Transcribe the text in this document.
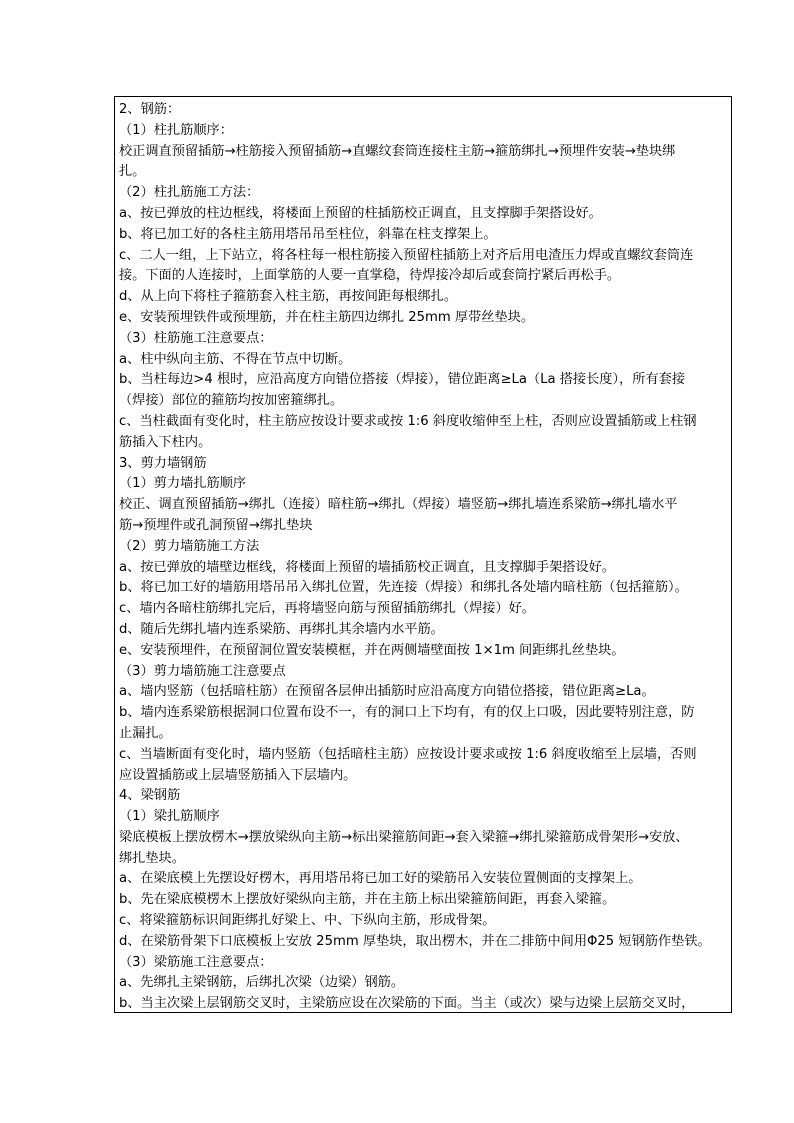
2、钢筋：
（1）柱扎筋顺序：
校正调直预留插筋→柱筋接入预留插筋→直螺纹套筒连接柱主筋→箍筋绑扎→预埋件安装→垫块绑
扎。
（2）柱扎筋施工方法：
a、按已弹放的柱边框线，将楼面上预留的柱插筋校正调直，且支撑脚手架搭设好。
b、将已加工好的各柱主筋用塔吊吊至柱位，斜靠在柱支撑架上。
c、二人一组，上下站立，将各柱每一根柱筋接入预留柱插筋上对齐后用电渣压力焊或直螺纹套筒连
接。下面的人连接时，上面掌筋的人要一直掌稳，待焊接冷却后或套筒拧紧后再松手。
d、从上向下将柱子箍筋套入柱主筋，再按间距每根绑扎。
e、安装预埋铁件或预埋筋，并在柱主筋四边绑扎 25mm 厚带丝垫块。
（3）柱筋施工注意要点：
a、柱中纵向主筋、不得在节点中切断。
b、当柱每边>4 根时，应沿高度方向错位搭接（焊接），错位距离≥La（La 搭接长度），所有套接
（焊接）部位的箍筋均按加密箍绑扎。
c、当柱截面有变化时，柱主筋应按设计要求或按 1:6 斜度收缩伸至上柱，否则应设置插筋或上柱钢
筋插入下柱内。
3、剪力墙钢筋
（1）剪力墙扎筋顺序
校正、调直预留插筋→绑扎（连接）暗柱筋→绑扎（焊接）墙竖筋→绑扎墙连系梁筋→绑扎墙水平
筋→预埋件或孔洞预留→绑扎垫块
（2）剪力墙筋施工方法
a、按已弹放的墙壁边框线，将楼面上预留的墙插筋校正调直，且支撑脚手架搭设好。
b、将已加工好的墙筋用塔吊吊入绑扎位置，先连接（焊接）和绑扎各处墙内暗柱筋（包括箍筋）。
c、墙内各暗柱筋绑扎完后，再将墙竖向筋与预留插筋绑扎（焊接）好。
d、随后先绑扎墙内连系梁筋、再绑扎其余墙内水平筋。
e、安装预埋件，在预留洞位置安装模框，并在两侧墙壁面按 1×1m 间距绑扎丝垫块。
（3）剪力墙筋施工注意要点
a、墙内竖筋（包括暗柱筋）在预留各层伸出插筋时应沿高度方向错位搭接，错位距离≥La。
b、墙内连系梁筋根据洞口位置布设不一，有的洞口上下均有，有的仅上口吸，因此要特别注意，防
止漏扎。
c、当墙断面有变化时，墙内竖筋（包括暗柱主筋）应按设计要求或按 1:6 斜度收缩至上层墙，否则
应设置插筋或上层墙竖筋插入下层墙内。
4、梁钢筋
（1）梁扎筋顺序
梁底模板上摆放楞木→摆放梁纵向主筋→标出梁箍筋间距→套入梁箍→绑扎梁箍筋成骨架形→安放、
绑扎垫块。
a、在梁底模上先摆设好楞木，再用塔吊将已加工好的梁筋吊入安装位置侧面的支撑架上。
b、先在梁底模楞木上摆放好梁纵向主筋，并在主筋上标出梁箍筋间距，再套入梁箍。
c、将梁箍筋标识间距绑扎好梁上、中、下纵向主筋，形成骨架。
d、在梁筋骨架下口底模板上安放 25mm 厚垫块，取出楞木，并在二排筋中间用Φ25 短钢筋作垫铁。
（3）梁筋施工注意要点：
a、先绑扎主梁钢筋，后绑扎次梁（边梁）钢筋。
b、当主次梁上层钢筋交叉时，主梁筋应设在次梁筋的下面。当主（或次）梁与边梁上层筋交叉时，
